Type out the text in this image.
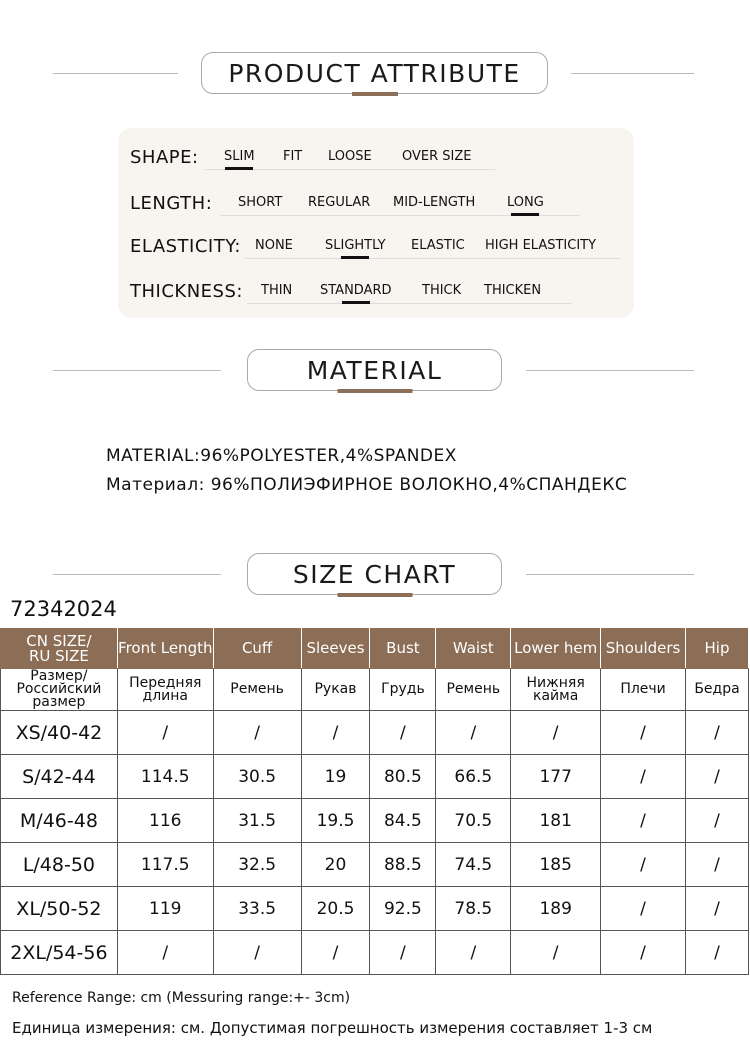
PRODUCT ATTRIBUTE
SHAPE: SLIM FIT LOOSE OVER SIZE
LENGTH: SHORT REGULAR MID-LENGTH LONG
ELASTICITY: NONE SLIGHTLY ELASTIC HIGH ELASTICITY
THICKNESS: THIN STANDARD THICK THICKEN
MATERIAL
MATERIAL:96%POLYESTER,4%SPANDEX
Материал: 96%ПОЛИЭФИРНОЕ ВОЛОКНО,4%СПАНДЕКС
SIZE CHART
72342024
CN SIZE/
RU SIZE	Front Length	Cuff	Sleeves	Bust	Waist	Lower hem	Shoulders	Hip
Размер/
Российский
размер	Передняя
длина	Ремень	Рукав	Грудь	Ремень	Нижняя
кайма	Плечи	Бедра
XS/40-42	/	/	/	/	/	/	/	/
S/42-44	114.5	30.5	19	80.5	66.5	177	/	/
M/46-48	116	31.5	19.5	84.5	70.5	181	/	/
L/48-50	117.5	32.5	20	88.5	74.5	185	/	/
XL/50-52	119	33.5	20.5	92.5	78.5	189	/	/
2XL/54-56	/	/	/	/	/	/	/	/
Reference Range: cm (Messuring range:+- 3cm)
Единица измерения: см. Допустимая погрешность измерения составляет 1-3 см
